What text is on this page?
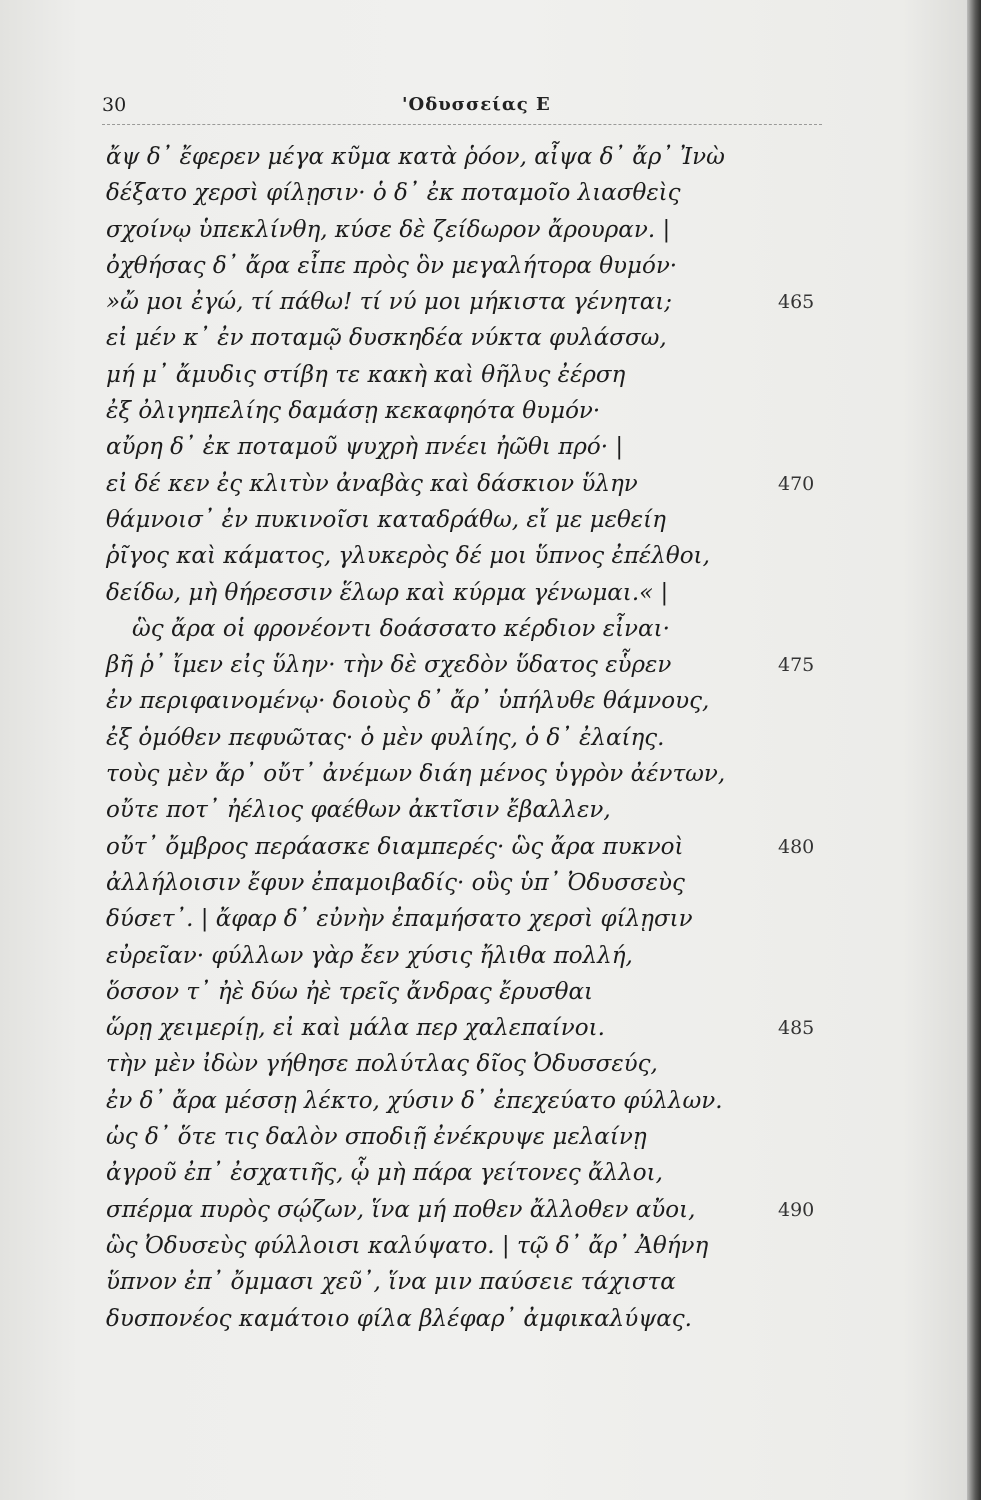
30	'Οδυσσείας Ε
ἄψ δ᾽ ἔφερεν μέγα κῦμα κατὰ ῥόον, αἶψα δ᾽ ἄρ᾽ Ἰνὼ
δέξατο χερσὶ φίλῃσιν· ὁ δ᾽ ἐκ ποταμοῖο λιασθεὶς
σχοίνῳ ὑπεκλίνθη, κύσε δὲ ζείδωρον ἄρουραν. |
ὀχθήσας δ᾽ ἄρα εἶπε πρὸς ὃν μεγαλήτορα θυμόν·
»ὤ μοι ἐγώ, τί πάθω! τί νύ μοι μήκιστα γένηται;	465
εἰ μέν κ᾽ ἐν ποταμῷ δυσκηδέα νύκτα φυλάσσω,
μή μ᾽ ἄμυδις στίβη τε κακὴ καὶ θῆλυς ἐέρση
ἐξ ὀλιγηπελίης δαμάσῃ κεκαφηότα θυμόν·
αὔρη δ᾽ ἐκ ποταμοῦ ψυχρὴ πνέει ἠῶθι πρό· |
εἰ δέ κεν ἐς κλιτὺν ἀναβὰς καὶ δάσκιον ὕλην	470
θάμνοισ᾽ ἐν πυκινοῖσι καταδράθω, εἴ με μεθείη
ῥῖγος καὶ κάματος, γλυκερὸς δέ μοι ὕπνος ἐπέλθοι,
δείδω, μὴ θήρεσσιν ἕλωρ καὶ κύρμα γένωμαι.« |
ὣς ἄρα οἱ φρονέοντι δοάσσατο κέρδιον εἶναι·
βῆ ῥ᾽ ἴμεν εἰς ὕλην· τὴν δὲ σχεδὸν ὕδατος εὗρεν	475
ἐν περιφαινομένῳ· δοιοὺς δ᾽ ἄρ᾽ ὑπήλυθε θάμνους,
ἐξ ὁμόθεν πεφυῶτας· ὁ μὲν φυλίης, ὁ δ᾽ ἐλαίης.
τοὺς μὲν ἄρ᾽ οὔτ᾽ ἀνέμων διάη μένος ὑγρὸν ἀέντων,
οὔτε ποτ᾽ ἠέλιος φαέθων ἀκτῖσιν ἔβαλλεν,
οὔτ᾽ ὄμβρος περάασκε διαμπερές· ὣς ἄρα πυκνοὶ	480
ἀλλήλοισιν ἔφυν ἐπαμοιβαδίς· οὓς ὑπ᾽ Ὀδυσσεὺς
δύσετ᾽. | ἄφαρ δ᾽ εὐνὴν ἐπαμήσατο χερσὶ φίλῃσιν
εὐρεῖαν· φύλλων γὰρ ἔεν χύσις ἤλιθα πολλή,
ὅσσον τ᾽ ἠὲ δύω ἠὲ τρεῖς ἄνδρας ἔρυσθαι
ὥρῃ χειμερίῃ, εἰ καὶ μάλα περ χαλεπαίνοι.	485
τὴν μὲν ἰδὼν γήθησε πολύτλας δῖος Ὀδυσσεύς,
ἐν δ᾽ ἄρα μέσσῃ λέκτο, χύσιν δ᾽ ἐπεχεύατο φύλλων.
ὡς δ᾽ ὅτε τις δαλὸν σποδιῇ ἐνέκρυψε μελαίνῃ
ἀγροῦ ἐπ᾽ ἐσχατιῆς, ᾧ μὴ πάρα γείτονες ἄλλοι,
σπέρμα πυρὸς σῴζων, ἵνα μή ποθεν ἄλλοθεν αὔοι,	490
ὣς Ὀδυσεὺς φύλλοισι καλύψατο. | τῷ δ᾽ ἄρ᾽ Ἀθήνη
ὕπνον ἐπ᾽ ὄμμασι χεῦ᾽, ἵνα μιν παύσειε τάχιστα
δυσπονέος καμάτοιο φίλα βλέφαρ᾽ ἀμφικαλύψας.
